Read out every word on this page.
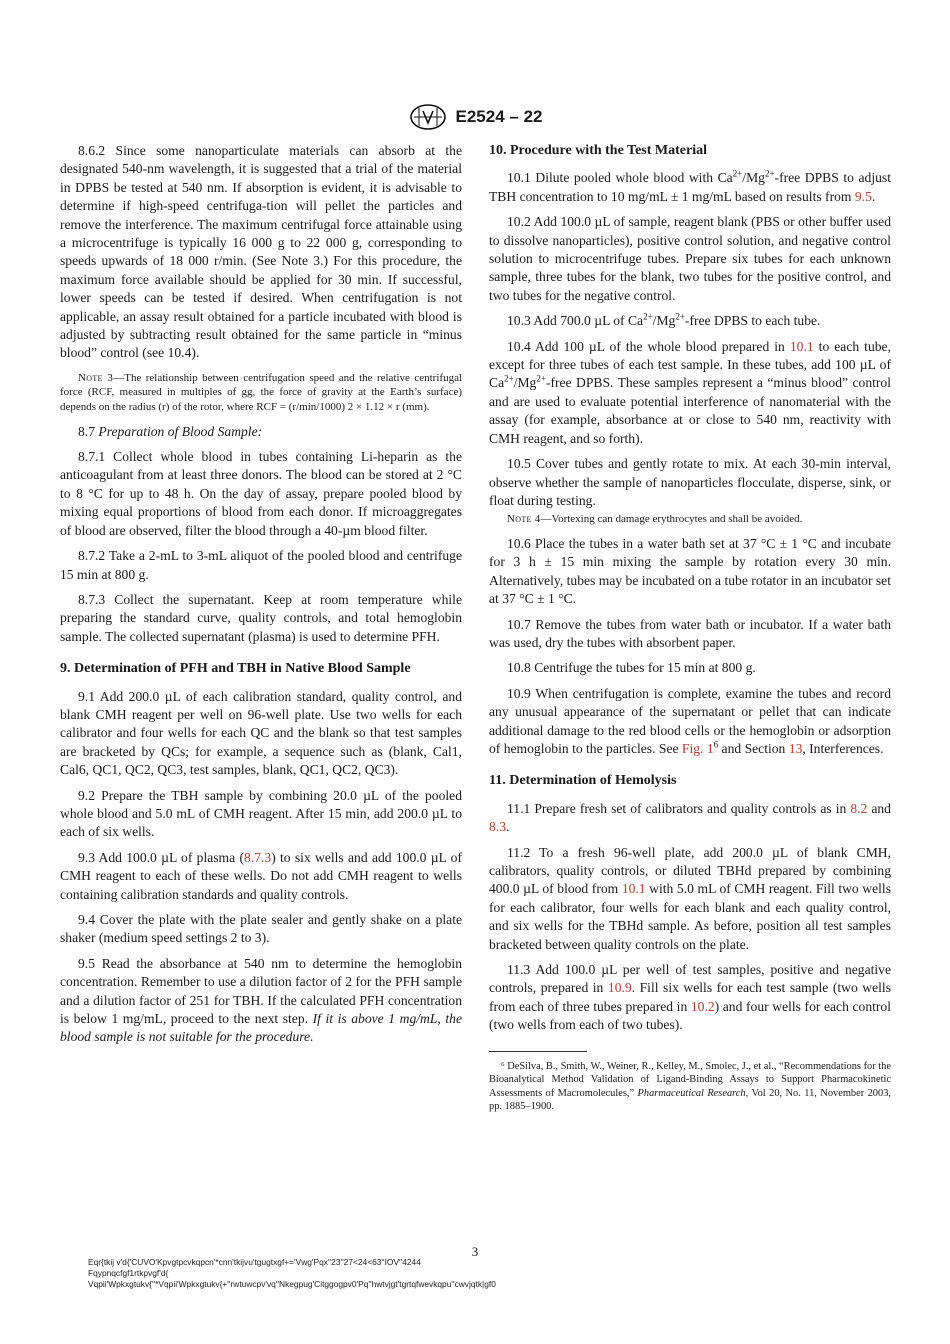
E2524 – 22

8.6.2 Since some nanoparticulate materials can absorb at the designated 540-nm wavelength, it is suggested that a trial of the material in DPBS be tested at 540 nm. If absorption is evident, it is advisable to determine if high-speed centrifuga-tion will pellet the particles and remove the interference. The maximum centrifugal force attainable using a microcentrifuge is typically 16 000 g to 22 000 g, corresponding to speeds upwards of 18 000 r/min. (See Note 3.) For this procedure, the maximum force available should be applied for 30 min. If successful, lower speeds can be tested if desired. When centrifugation is not applicable, an assay result obtained for a particle incubated with blood is adjusted by subtracting result obtained for the same particle in “minus blood” control (see 10.4).

Note 3—The relationship between centrifugation speed and the relative centrifugal force (RCF, measured in multiples of gg, the force of gravity at the Earth’s surface) depends on the radius (r) of the rotor, where RCF = (r/min/1000) 2 × 1.12 × r (mm).

8.7 Preparation of Blood Sample:

8.7.1 Collect whole blood in tubes containing Li-heparin as the anticoagulant from at least three donors. The blood can be stored at 2 °C to 8 °C for up to 48 h. On the day of assay, prepare pooled blood by mixing equal proportions of blood from each donor. If microaggregates of blood are observed, filter the blood through a 40-µm blood filter.

8.7.2 Take a 2-mL to 3-mL aliquot of the pooled blood and centrifuge 15 min at 800 g.

8.7.3 Collect the supernatant. Keep at room temperature while preparing the standard curve, quality controls, and total hemoglobin sample. The collected supernatant (plasma) is used to determine PFH.

9. Determination of PFH and TBH in Native Blood Sample

9.1 Add 200.0 µL of each calibration standard, quality control, and blank CMH reagent per well on 96-well plate. Use two wells for each calibrator and four wells for each QC and the blank so that test samples are bracketed by QCs; for example, a sequence such as (blank, Cal1, Cal6, QC1, QC2, QC3, test samples, blank, QC1, QC2, QC3).

9.2 Prepare the TBH sample by combining 20.0 µL of the pooled whole blood and 5.0 mL of CMH reagent. After 15 min, add 200.0 µL to each of six wells.

9.3 Add 100.0 µL of plasma (8.7.3) to six wells and add 100.0 µL of CMH reagent to each of these wells. Do not add CMH reagent to wells containing calibration standards and quality controls.

9.4 Cover the plate with the plate sealer and gently shake on a plate shaker (medium speed settings 2 to 3).

9.5 Read the absorbance at 540 nm to determine the hemoglobin concentration. Remember to use a dilution factor of 2 for the PFH sample and a dilution factor of 251 for TBH. If the calculated PFH concentration is below 1 mg/mL, proceed to the next step. If it is above 1 mg/mL, the blood sample is not suitable for the procedure.

10. Procedure with the Test Material

10.1 Dilute pooled whole blood with $Ca^{2+}/Mg^{2+}$-free DPBS to adjust TBH concentration to 10 mg/mL ± 1 mg/mL based on results from 9.5.

10.2 Add 100.0 µL of sample, reagent blank (PBS or other buffer used to dissolve nanoparticles), positive control solution, and negative control solution to microcentrifuge tubes. Prepare six tubes for each unknown sample, three tubes for the blank, two tubes for the positive control, and two tubes for the negative control.

10.3 Add 700.0 µL of $Ca^{2+}/Mg^{2+}$-free DPBS to each tube.

10.4 Add 100 µL of the whole blood prepared in 10.1 to each tube, except for three tubes of each test sample. In these tubes, add 100 µL of $Ca^{2+}/Mg^{2+}$-free DPBS. These samples represent a “minus blood” control and are used to evaluate potential interference of nanomaterial with the assay (for example, absorbance at or close to 540 nm, reactivity with CMH reagent, and so forth).

10.5 Cover tubes and gently rotate to mix. At each 30-min interval, observe whether the sample of nanoparticles flocculate, disperse, sink, or float during testing.

Note 4—Vortexing can damage erythrocytes and shall be avoided.

10.6 Place the tubes in a water bath set at 37 °C ± 1 °C and incubate for 3 h ± 15 min mixing the sample by rotation every 30 min. Alternatively, tubes may be incubated on a tube rotator in an incubator set at 37 °C ± 1 °C.

10.7 Remove the tubes from water bath or incubator. If a water bath was used, dry the tubes with absorbent paper.

10.8 Centrifuge the tubes for 15 min at 800 g.

10.9 When centrifugation is complete, examine the tubes and record any unusual appearance of the supernatant or pellet that can indicate additional damage to the red blood cells or the hemoglobin or adsorption of hemoglobin to the particles. See Fig. $1^6$ and Section 13, Interferences.

11. Determination of Hemolysis

11.1 Prepare fresh set of calibrators and quality controls as in 8.2 and 8.3.

11.2 To a fresh 96-well plate, add 200.0 µL of blank CMH, calibrators, quality controls, or diluted TBHd prepared by combining 400.0 µL of blood from 10.1 with 5.0 mL of CMH reagent. Fill two wells for each calibrator, four wells for each blank and each quality control, and six wells for the TBHd sample. As before, position all test samples bracketed between quality controls on the plate.

11.3 Add 100.0 µL per well of test samples, positive and negative controls, prepared in 10.9. Fill six wells for each test sample (two wells from each of three tubes prepared in 10.2) and four wells for each control (two wells from each of two tubes).

⁶ DeSilva, B., Smith, W., Weiner, R., Kelley, M., Smolec, J., et al., “Recommendations for the Bioanalytical Method Validation of Ligand-Binding Assays to Support Pharmacokinetic Assessments of Macromolecules,” Pharmaceutical Research, Vol 20, No. 11, November 2003, pp. 1885–1900.

3
Eqr{tkij v'd{'CUVO'Kpvgtpcvkqpcn'*cnn'tkijvu'tgugtxgf+='Vwg'Pqx''23''27<24<63''IOV''4244
Fqypnqcfgf1rtkpvgf'd{
Vqpii'Wpkxgtukv{''*Vqpii'Wpkxgtukv{+''rwtuwcpv'vq''Nkegpug'Citggogpv0'Pq''hwtvjgt'tgrtqfwevkqpu''cwvjqtk|gf0
